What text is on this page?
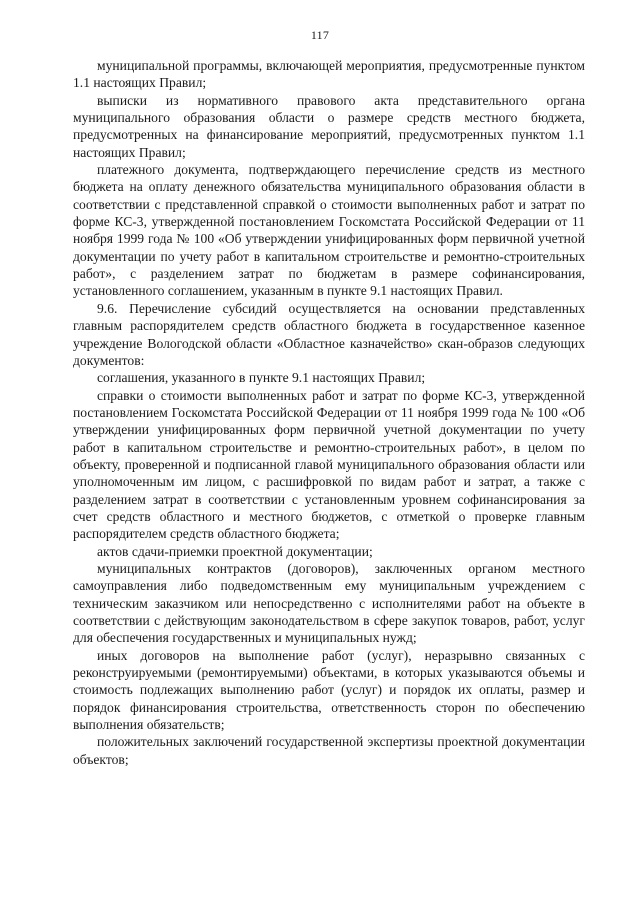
117

муниципальной программы, включающей мероприятия, предусмотренные пунктом 1.1 настоящих Правил;

выписки из нормативного правового акта представительного органа муниципального образования области о размере средств местного бюджета, предусмотренных на финансирование мероприятий, предусмотренных пунктом 1.1 настоящих Правил;

платежного документа, подтверждающего перечисление средств из местного бюджета на оплату денежного обязательства муниципального образования области в соответствии с представленной справкой о стоимости выполненных работ и затрат по форме КС-3, утвержденной постановлением Госкомстата Российской Федерации от 11 ноября 1999 года № 100 «Об утверждении унифицированных форм первичной учетной документации по учету работ в капитальном строительстве и ремонтно-строительных работ», с разделением затрат по бюджетам в размере софинансирования, установленного соглашением, указанным в пункте 9.1 настоящих Правил.

9.6. Перечисление субсидий осуществляется на основании представленных главным распорядителем средств областного бюджета в государственное казенное учреждение Вологодской области «Областное казначейство» скан-образов следующих документов:

соглашения, указанного в пункте 9.1 настоящих Правил;

справки о стоимости выполненных работ и затрат по форме КС-3, утвержденной постановлением Госкомстата Российской Федерации от 11 ноября 1999 года № 100 «Об утверждении унифицированных форм первичной учетной документации по учету работ в капитальном строительстве и ремонтно-строительных работ», в целом по объекту, проверенной и подписанной главой муниципального образования области или уполномоченным им лицом, с расшифровкой по видам работ и затрат, а также с разделением затрат в соответствии с установленным уровнем софинансирования за счет средств областного и местного бюджетов, с отметкой о проверке главным распорядителем средств областного бюджета;

актов сдачи-приемки проектной документации;

муниципальных контрактов (договоров), заключенных органом местного самоуправления либо подведомственным ему муниципальным учреждением с техническим заказчиком или непосредственно с исполнителями работ на объекте в соответствии с действующим законодательством в сфере закупок товаров, работ, услуг для обеспечения государственных и муниципальных нужд;

иных договоров на выполнение работ (услуг), неразрывно связанных с реконструируемыми (ремонтируемыми) объектами, в которых указываются объемы и стоимость подлежащих выполнению работ (услуг) и порядок их оплаты, размер и порядок финансирования строительства, ответственность сторон по обеспечению выполнения обязательств;

положительных заключений государственной экспертизы проектной документации объектов;
